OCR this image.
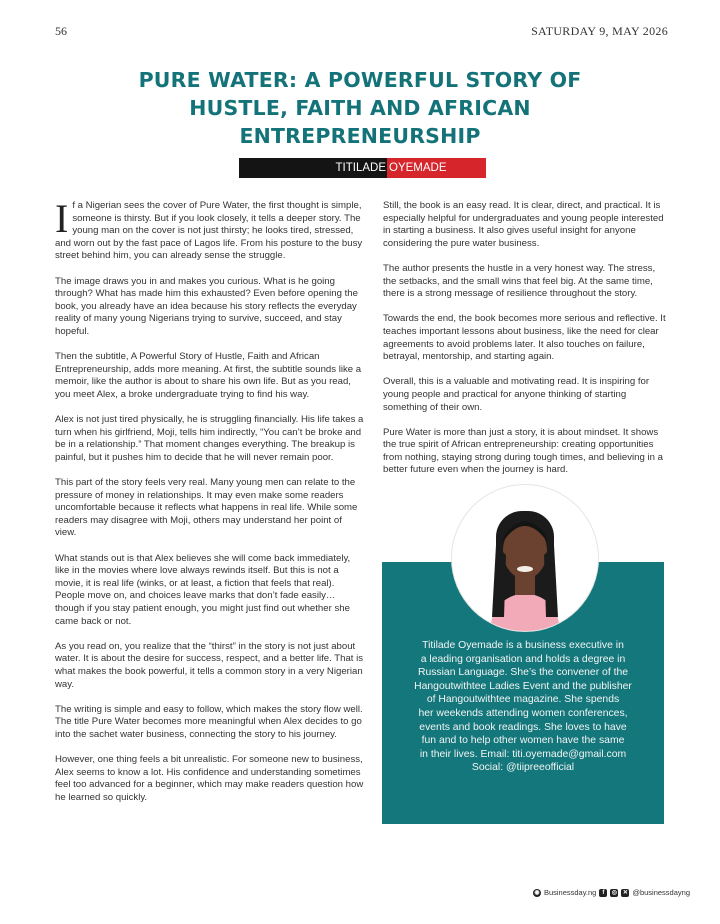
56	SATURDAY 9, MAY 2026
PURE WATER: A POWERFUL STORY OF HUSTLE, FAITH AND AFRICAN ENTREPRENEURSHIP
TITILADE OYEMADE

If a Nigerian sees the cover of Pure Water, the first thought is simple, someone is thirsty. But if you look closely, it tells a deeper story. The young man on the cover is not just thirsty; he looks tired, stressed, and worn out by the fast pace of Lagos life. From his posture to the busy street behind him, you can already sense the struggle.

The image draws you in and makes you curious. What is he going through? What has made him this exhausted? Even before opening the book, you already have an idea because his story reflects the everyday reality of many young Nigerians trying to survive, succeed, and stay hopeful.

Then the subtitle, A Powerful Story of Hustle, Faith and African Entrepreneurship, adds more meaning. At first, the subtitle sounds like a memoir, like the author is about to share his own life. But as you read, you meet Alex, a broke undergraduate trying to find his way.

Alex is not just tired physically, he is struggling financially. His life takes a turn when his girlfriend, Moji, tells him indirectly, “You can’t be broke and be in a relationship.” That moment changes everything. The breakup is painful, but it pushes him to decide that he will never remain poor.

This part of the story feels very real. Many young men can relate to the pressure of money in relationships. It may even make some readers uncomfortable because it reflects what happens in real life. While some readers may disagree with Moji, others may understand her point of view.

What stands out is that Alex believes she will come back immediately, like in the movies where love always rewinds itself. But this is not a movie, it is real life (winks, or at least, a fiction that feels that real). People move on, and choices leave marks that don’t fade easily… though if you stay patient enough, you might just find out whether she came back or not.

As you read on, you realize that the “thirst” in the story is not just about water. It is about the desire for success, respect, and a better life. That is what makes the book powerful, it tells a common story in a very Nigerian way.

The writing is simple and easy to follow, which makes the story flow well. The title Pure Water becomes more meaningful when Alex decides to go into the sachet water business, connecting the story to his journey.

However, one thing feels a bit unrealistic. For someone new to business, Alex seems to know a lot. His confidence and understanding sometimes feel too advanced for a beginner, which may make readers question how he learned so quickly.

Still, the book is an easy read. It is clear, direct, and practical. It is especially helpful for undergraduates and young people interested in starting a business. It also gives useful insight for anyone considering the pure water business.

The author presents the hustle in a very honest way. The stress, the setbacks, and the small wins that feel big. At the same time, there is a strong message of resilience throughout the story.

Towards the end, the book becomes more serious and reflective. It teaches important lessons about business, like the need for clear agreements to avoid problems later. It also touches on failure, betrayal, mentorship, and starting again.

Overall, this is a valuable and motivating read. It is inspiring for young people and practical for anyone thinking of starting something of their own.

Pure Water is more than just a story, it is about mindset. It shows the true spirit of African entrepreneurship: creating opportunities from nothing, staying strong during tough times, and believing in a better future even when the journey is hard.

Titilade Oyemade is a business executive in
a leading organisation and holds a degree in
Russian Language. She’s the convener of the
Hangoutwithtee Ladies Event and the publisher
of Hangoutwithtee magazine. She spends
her weekends attending women conferences,
events and book readings. She loves to have
fun and to help other women have the same
in their lives. Email: titi.oyemade@gmail.com
Social: @tiipreeofficial

◉ Businessday.ng	f	◎ ✕ @businessdayng
